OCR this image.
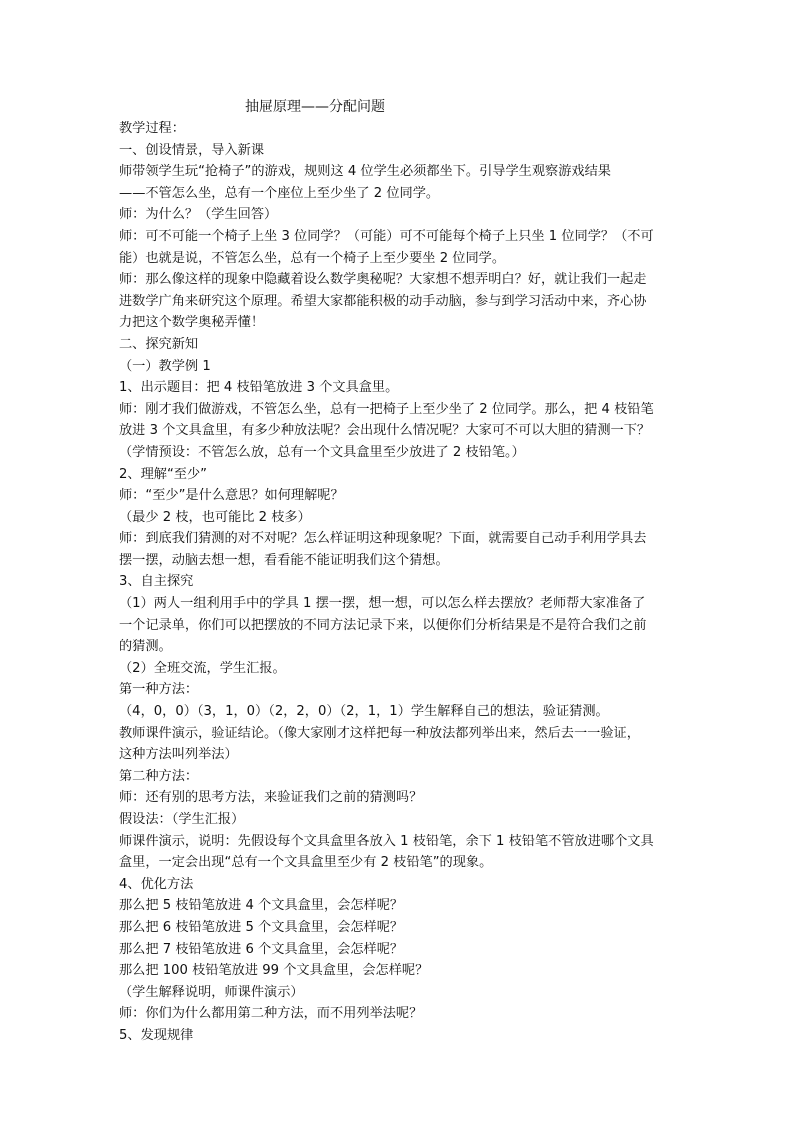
抽屉原理——分配问题
教学过程：
一、创设情景，导入新课
师带领学生玩“抢椅子”的游戏，规则这 4 位学生必须都坐下。引导学生观察游戏结果
——不管怎么坐，总有一个座位上至少坐了 2 位同学。
师：为什么？（学生回答）
师：可不可能一个椅子上坐 3 位同学？（可能）可不可能每个椅子上只坐 1 位同学？（不可
能）也就是说，不管怎么坐，总有一个椅子上至少要坐 2 位同学。
师：那么像这样的现象中隐藏着设么数学奥秘呢？大家想不想弄明白？好，就让我们一起走
进数学广角来研究这个原理。希望大家都能积极的动手动脑，参与到学习活动中来，齐心协
力把这个数学奥秘弄懂！
二、探究新知
（一）教学例 1
1、出示题目：把 4 枝铅笔放进 3 个文具盒里。
师：刚才我们做游戏，不管怎么坐，总有一把椅子上至少坐了 2 位同学。那么，把 4 枝铅笔
放进 3 个文具盒里，有多少种放法呢？会出现什么情况呢？大家可不可以大胆的猜测一下？
（学情预设：不管怎么放，总有一个文具盒里至少放进了 2 枝铅笔。）
2、理解“至少”
师：“至少”是什么意思？如何理解呢？
（最少 2 枝，也可能比 2 枝多）
师：到底我们猜测的对不对呢？怎么样证明这种现象呢？下面，就需要自己动手利用学具去
摆一摆，动脑去想一想，看看能不能证明我们这个猜想。
3、自主探究
（1）两人一组利用手中的学具 1 摆一摆，想一想，可以怎么样去摆放？老师帮大家准备了
一个记录单，你们可以把摆放的不同方法记录下来，以便你们分析结果是不是符合我们之前
的猜测。
（2）全班交流，学生汇报。
第一种方法：
（4，0，0）（3，1，0）（2，2，0）（2，1，1）学生解释自己的想法，验证猜测。
教师课件演示，验证结论。（像大家刚才这样把每一种放法都列举出来，然后去一一验证，
这种方法叫列举法）
第二种方法：
师：还有别的思考方法，来验证我们之前的猜测吗？
假设法：（学生汇报）
师课件演示，说明：先假设每个文具盒里各放入 1 枝铅笔，余下 1 枝铅笔不管放进哪个文具
盒里，一定会出现“总有一个文具盒里至少有 2 枝铅笔”的现象。
4、优化方法
那么把 5 枝铅笔放进 4 个文具盒里，会怎样呢？
那么把 6 枝铅笔放进 5 个文具盒里，会怎样呢？
那么把 7 枝铅笔放进 6 个文具盒里，会怎样呢？
那么把 100 枝铅笔放进 99 个文具盒里，会怎样呢？
（学生解释说明，师课件演示）
师：你们为什么都用第二种方法，而不用列举法呢？
5、发现规律
